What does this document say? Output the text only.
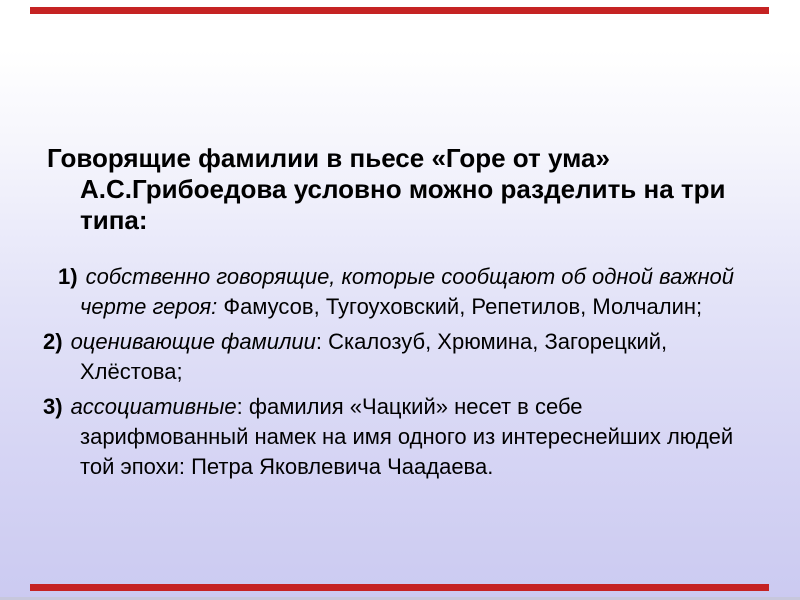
Говорящие фамилии в пьесе «Горе от ума»
А.С.Грибоедова условно можно разделить на три
типа:
1) собственно говорящие, которые сообщают об одной важной
черте героя: Фамусов, Тугоуховский, Репетилов, Молчалин;
2) оценивающие фамилии: Скалозуб, Хрюмина, Загорецкий,
Хлёстова;
3) ассоциативные: фамилия «Чацкий» несет в себе
зарифмованный намек на имя одного из интереснейших людей
той эпохи: Петра Яковлевича Чаадаева.
